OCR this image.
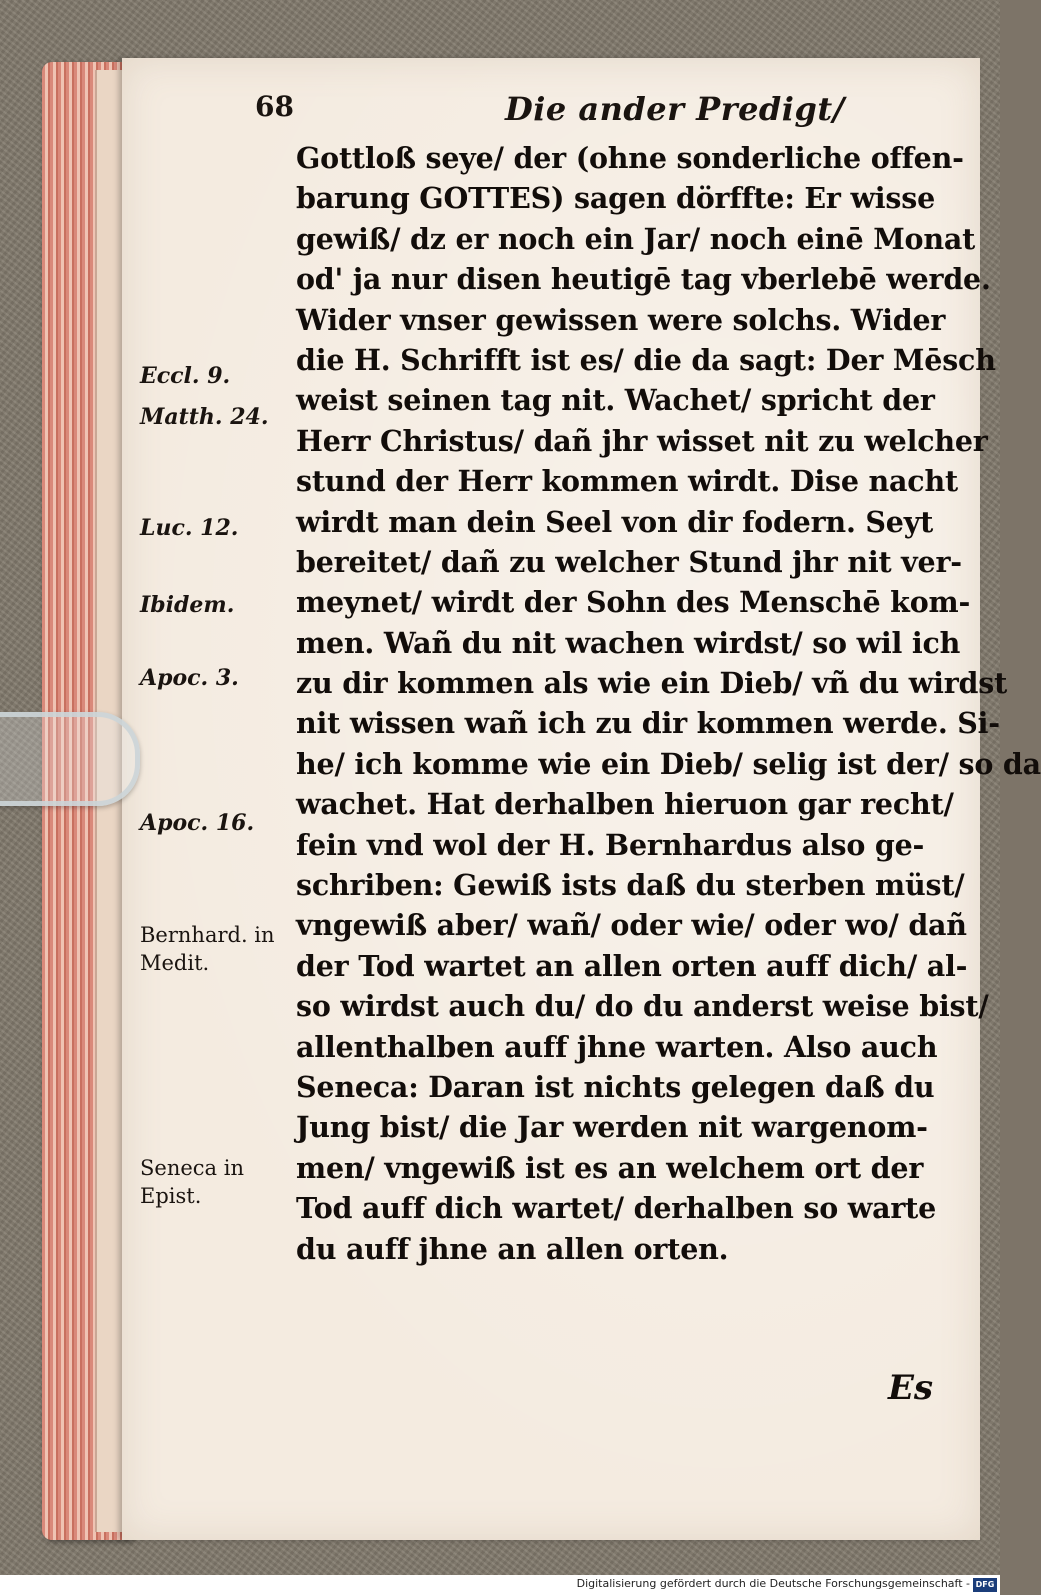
68	Die ander Predigt/
Gottloß seye/ der (ohne sonderliche offen-
barung GOTTES) sagen dörffte: Er wisse
gewiß/ dz er noch ein Jar/ noch einē Monat
od' ja nur disen heutigē tag vberlebē werde.
Wider vnser gewissen were solchs. Wider
die H. Schrifft ist es/ die da sagt: Der Mēsch
weist seinen tag nit. Wachet/ spricht der
Herr Christus/ dañ jhr wisset nit zu welcher
stund der Herr kommen wirdt. Dise nacht
wirdt man dein Seel von dir fodern. Seyt
bereitet/ dañ zu welcher Stund jhr nit ver-
meynet/ wirdt der Sohn des Menschē kom-
men. Wañ du nit wachen wirdst/ so wil ich
zu dir kommen als wie ein Dieb/ vñ du wirdst
nit wissen wañ ich zu dir kommen werde. Si-
he/ ich komme wie ein Dieb/ selig ist der/ so da
wachet. Hat derhalben hieruon gar recht/
fein vnd wol der H. Bernhardus also ge-
schriben: Gewiß ists daß du sterben müst/
vngewiß aber/ wañ/ oder wie/ oder wo/ dañ
der Tod wartet an allen orten auff dich/ al-
so wirdst auch du/ do du anderst weise bist/
allenthalben auff jhne warten. Also auch
Seneca: Daran ist nichts gelegen daß du
Jung bist/ die Jar werden nit wargenom-
men/ vngewiß ist es an welchem ort der
Tod auff dich wartet/ derhalben so warte
du auff jhne an allen orten.
Eccl. 9.
Matth. 24.
Luc. 12.
Ibidem.
Apoc. 3.
Apoc. 16.
Bernhard. in
Medit.
Seneca in
Epist.
Es
Digitalisierung gefördert durch die Deutsche Forschungsgemeinschaft - DFG
